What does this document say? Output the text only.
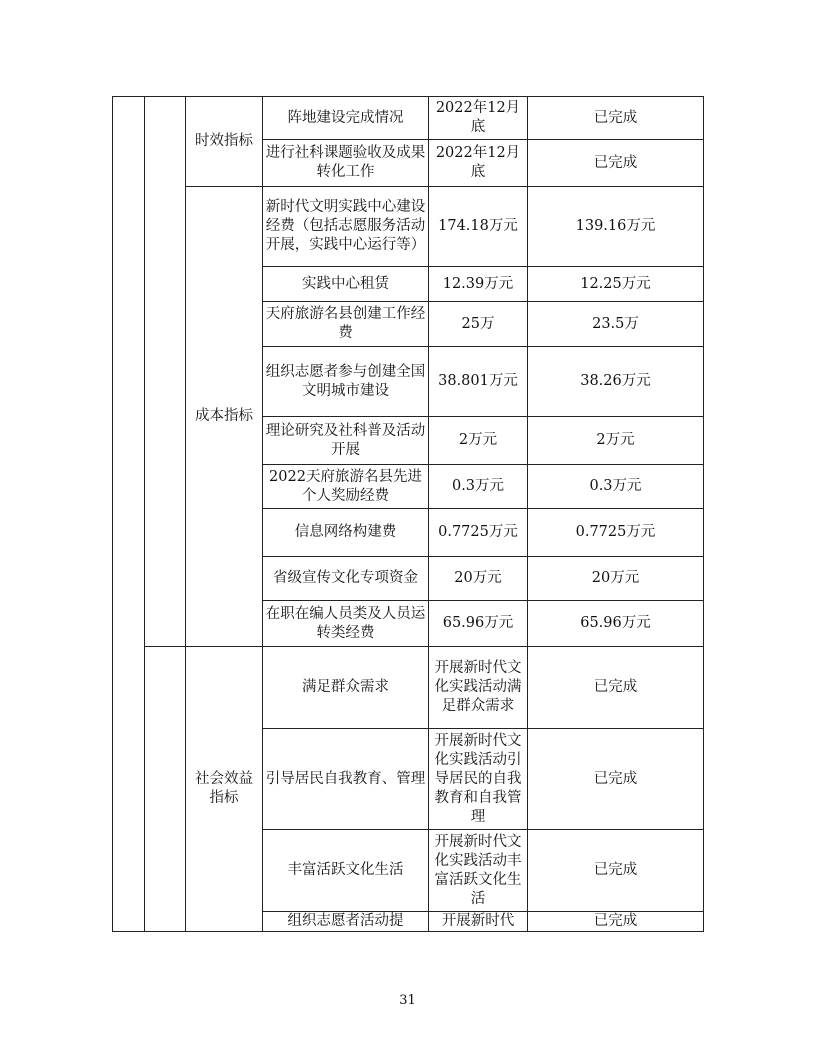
		时效指标	阵地建设完成情况	2022年12月底	已完成
			进行社科课题验收及成果转化工作	2022年12月底	已完成
		成本指标	新时代文明实践中心建设经费（包括志愿服务活动开展，实践中心运行等）	174.18万元	139.16万元
			实践中心租赁	12.39万元	12.25万元
			天府旅游名县创建工作经费	25万	23.5万
			组织志愿者参与创建全国文明城市建设	38.801万元	38.26万元
			理论研究及社科普及活动开展	2万元	2万元
			2022天府旅游名县先进个人奖励经费	0.3万元	0.3万元
			信息网络构建费	0.7725万元	0.7725万元
			省级宣传文化专项资金	20万元	20万元
			在职在编人员类及人员运转类经费	65.96万元	65.96万元
		社会效益指标	满足群众需求	开展新时代文化实践活动满足群众需求	已完成
			引导居民自我教育、管理	开展新时代文化实践活动引导居民的自我教育和自我管理	已完成
			丰富活跃文化生活	开展新时代文化实践活动丰富活跃文化生活	已完成
			组织志愿者活动提	开展新时代	已完成
31
